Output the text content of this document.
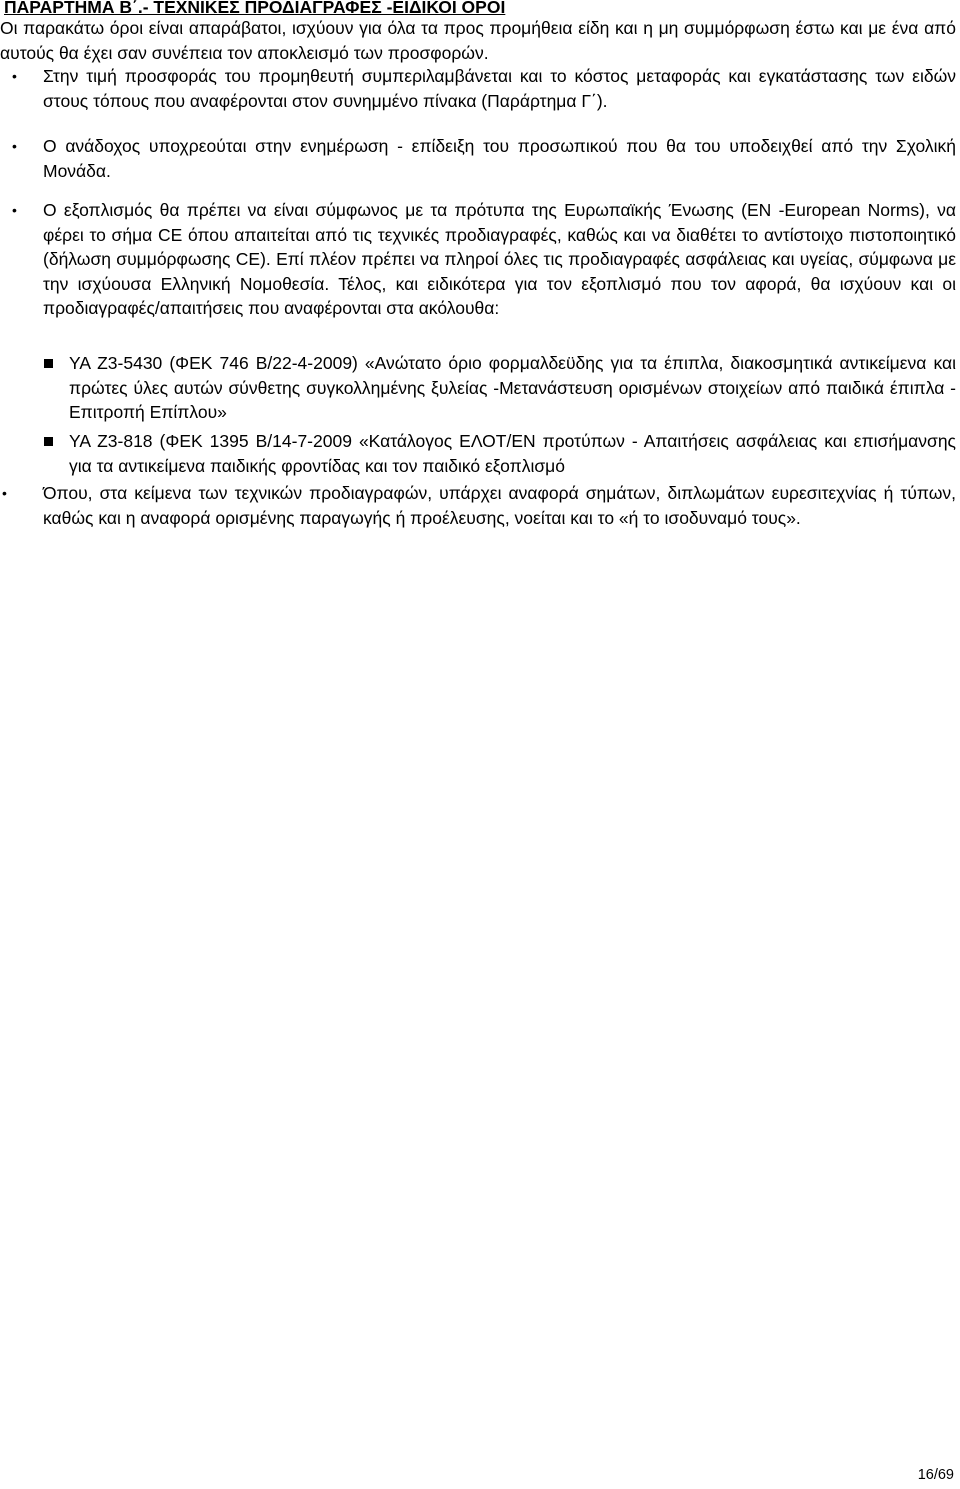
ΠΑΡΑΡΤΗΜΑ Β΄.- ΤΕΧΝΙΚΕΣ ΠΡΟΔΙΑΓΡΑΦΕΣ -ΕΙΔΙΚΟΙ ΟΡΟΙ
Οι παρακάτω όροι είναι απαράβατοι, ισχύουν για όλα τα προς προμήθεια είδη και η μη συμμόρφωση έστω και με ένα από αυτούς θα έχει σαν συνέπεια τον αποκλεισμό των προσφορών.
• Στην τιμή προσφοράς του προμηθευτή συμπεριλαμβάνεται και το κόστος μεταφοράς και εγκατάστασης των ειδών στους τόπους που αναφέρονται στον συνημμένο πίνακα (Παράρτημα Γ΄).
• Ο ανάδοχος υποχρεούται στην ενημέρωση - επίδειξη του προσωπικού που θα του υποδειχθεί από την Σχολική Μονάδα.
• Ο εξοπλισμός θα πρέπει να είναι σύμφωνος με τα πρότυπα της Ευρωπαϊκής Ένωσης (EN -European Norms), να φέρει το σήμα CE όπου απαιτείται από τις τεχνικές προδιαγραφές, καθώς και να διαθέτει το αντίστοιχο πιστοποιητικό (δήλωση συμμόρφωσης CE). Επί πλέον πρέπει να πληροί όλες τις προδιαγραφές ασφάλειας και υγείας, σύμφωνα με την ισχύουσα Ελληνική Νομοθεσία. Τέλος, και ειδικότερα για τον εξοπλισμό που τον αφορά, θα ισχύουν και οι προδιαγραφές/απαιτήσεις που αναφέρονται στα ακόλουθα:
ΥΑ Ζ3-5430 (ΦΕΚ 746 Β/22-4-2009) «Ανώτατο όριο φορμαλδεϋδης για τα έπιπλα, διακοσμητικά αντικείμενα και πρώτες ύλες αυτών σύνθετης συγκολλημένης ξυλείας -Μετανάστευση ορισμένων στοιχείων από παιδικά έπιπλα - Επιτροπή Επίπλου»
ΥΑ Ζ3-818 (ΦΕΚ 1395 Β/14-7-2009 «Κατάλογος ΕΛΟΤ/ΕΝ προτύπων - Απαιτήσεις ασφάλειας και επισήμανσης για τα αντικείμενα παιδικής φροντίδας και τον παιδικό εξοπλισμό
• Όπου, στα κείμενα των τεχνικών προδιαγραφών, υπάρχει αναφορά σημάτων, διπλωμάτων ευρεσιτεχνίας ή τύπων, καθώς και η αναφορά ορισμένης παραγωγής ή προέλευσης, νοείται και το «ή το ισοδυναμό τους».
16/69
